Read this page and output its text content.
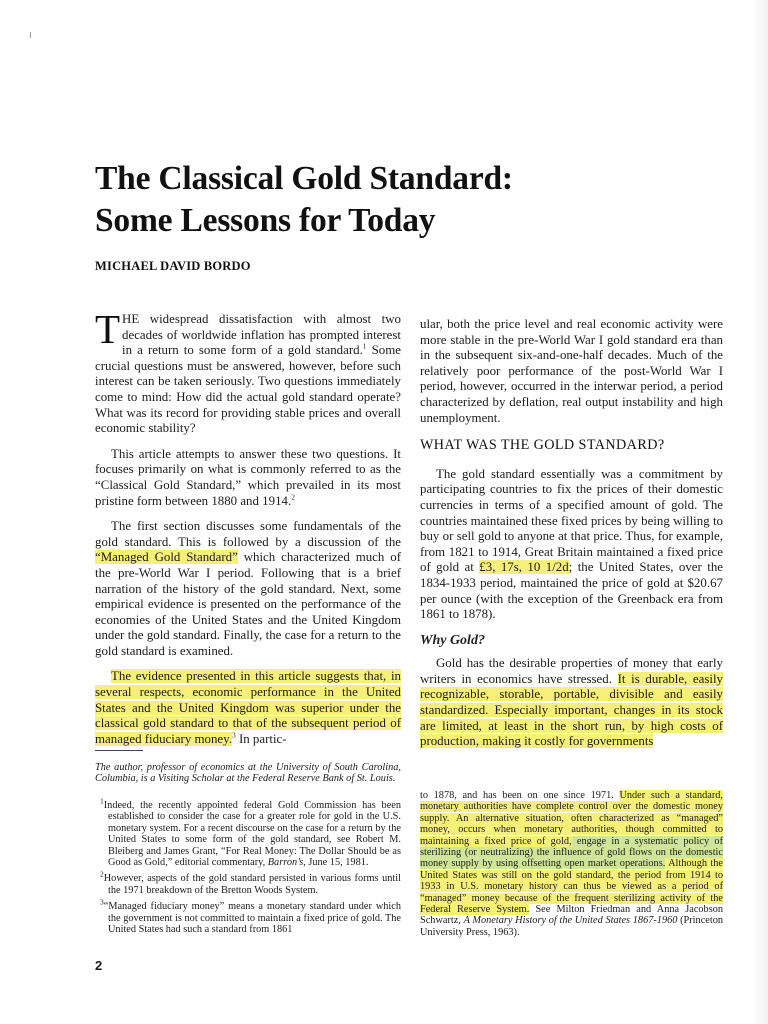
The Classical Gold Standard:
Some Lessons for Today
MICHAEL DAVID BORDO

THE widespread dissatisfaction with almost two decades of worldwide inflation has prompted interest in a return to some form of a gold standard.$^1$ Some crucial questions must be answered, however, before such interest can be taken seriously. Two questions immediately come to mind: How did the actual gold standard operate? What was its record for providing stable prices and overall economic stability?

This article attempts to answer these two questions. It focuses primarily on what is commonly referred to as the “Classical Gold Standard,” which prevailed in its most pristine form between 1880 and 1914.$^2$

The first section discusses some fundamentals of the gold standard. This is followed by a discussion of the “Managed Gold Standard” which characterized much of the pre-World War I period. Following that is a brief narration of the history of the gold standard. Next, some empirical evidence is presented on the performance of the economies of the United States and the United Kingdom under the gold standard. Finally, the case for a return to the gold standard is examined.

The evidence presented in this article suggests that, in several respects, economic performance in the United States and the United Kingdom was superior under the classical gold standard to that of the subsequent period of managed fiduciary money.$^3$ In partic-

ular, both the price level and real economic activity were more stable in the pre-World War I gold standard era than in the subsequent six-and-one-half decades. Much of the relatively poor performance of the post-World War I period, however, occurred in the interwar period, a period characterized by deflation, real output instability and high unemployment.

WHAT WAS THE GOLD STANDARD?

The gold standard essentially was a commitment by participating countries to fix the prices of their domestic currencies in terms of a specified amount of gold. The countries maintained these fixed prices by being willing to buy or sell gold to anyone at that price. Thus, for example, from 1821 to 1914, Great Britain maintained a fixed price of gold at £3, 17s, 10 1/2d; the United States, over the 1834-1933 period, maintained the price of gold at $20.67 per ounce (with the exception of the Greenback era from 1861 to 1878).

Why Gold?

Gold has the desirable properties of money that early writers in economics have stressed. It is durable, easily recognizable, storable, portable, divisible and easily standardized. Especially important, changes in its stock are limited, at least in the short run, by high costs of production, making it costly for governments

The author, professor of economics at the University of South Carolina, Columbia, is a Visiting Scholar at the Federal Reserve Bank of St. Louis.

$^1$Indeed, the recently appointed federal Gold Commission has been established to consider the case for a greater role for gold in the U.S. monetary system. For a recent discourse on the case for a return by the United States to some form of the gold standard, see Robert M. Bleiberg and James Grant, “For Real Money: The Dollar Should be as Good as Gold,” editorial commentary, Barron’s, June 15, 1981.

$^2$However, aspects of the gold standard persisted in various forms until the 1971 breakdown of the Bretton Woods System.

$^3$“Managed fiduciary money” means a monetary standard under which the government is not committed to maintain a fixed price of gold. The United States had such a standard from 1861

to 1878, and has been on one since 1971. Under such a standard, monetary authorities have complete control over the domestic money supply. An alternative situation, often characterized as “managed” money, occurs when monetary authorities, though committed to maintaining a fixed price of gold, engage in a systematic policy of sterilizing (or neutralizing) the influence of gold flows on the domestic money supply by using offsetting open market operations. Although the United States was still on the gold standard, the period from 1914 to 1933 in U.S. monetary history can thus be viewed as a period of “managed” money because of the frequent sterilizing activity of the Federal Reserve System. See Milton Friedman and Anna Jacobson Schwartz, A Monetary History of the United States 1867-1960 (Princeton University Press, 1963).

2
